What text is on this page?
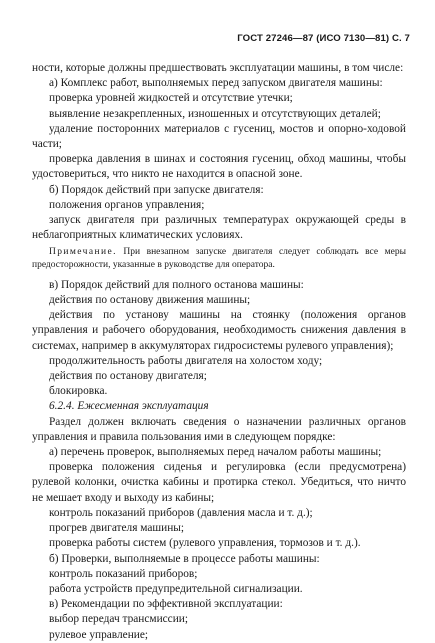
ГОСТ 27246—87 (ИСО 7130—81) С. 7

ности, которые должны предшествовать эксплуатации машины, в том числе:

а) Комплекс работ, выполняемых перед запуском двигателя машины:

проверка уровней жидкостей и отсутствие утечки;

выявление незакрепленных, изношенных и отсутствующих деталей;

удаление посторонних материалов с гусениц, мостов и опорно-ходовой части;

проверка давления в шинах и состояния гусениц, обход машины, чтобы удостовериться, что никто не находится в опасной зоне.

б) Порядок действий при запуске двигателя:

положения органов управления;

запуск двигателя при различных температурах окружающей среды в неблагоприятных климатических условиях.

Примечание. При внезапном запуске двигателя следует соблюдать все меры предосторожности, указанные в руководстве для оператора.

в) Порядок действий для полного останова машины:

действия по останову движения машины;

действия по установу машины на стоянку (положения органов управления и рабочего оборудования, необходимость снижения давления в системах, например в аккумуляторах гидросистемы рулевого управления);

продолжительность работы двигателя на холостом ходу;

действия по останову двигателя;

блокировка.

6.2.4. Ежесменная эксплуатация

Раздел должен включать сведения о назначении различных органов управления и правила пользования ими в следующем порядке:

а) перечень проверок, выполняемых перед началом работы машины;

проверка положения сиденья и регулировка (если предусмотрена) рулевой колонки, очистка кабины и протирка стекол. Убедиться, что ничто не мешает входу и выходу из кабины;

контроль показаний приборов (давления масла и т. д.);

прогрев двигателя машины;

проверка работы систем (рулевого управления, тормозов и т. д.).

б) Проверки, выполняемые в процессе работы машины:

контроль показаний приборов;

работа устройств предупредительной сигнализации.

в) Рекомендации по эффективной эксплуатации:

выбор передач трансмиссии;

рулевое управление;
